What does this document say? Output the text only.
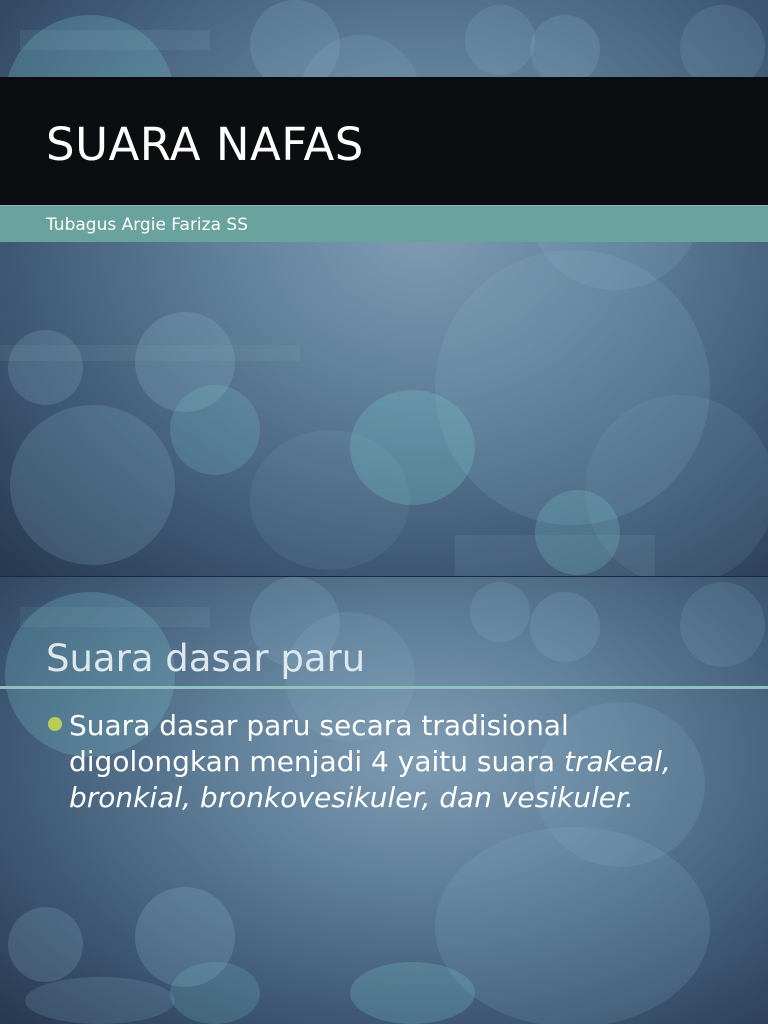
SUARA NAFAS
Tubagus Argie Fariza SS
Suara dasar paru
Suara dasar paru secara tradisional digolongkan menjadi 4 yaitu suara trakeal, bronkial, bronkovesikuler, dan vesikuler.
